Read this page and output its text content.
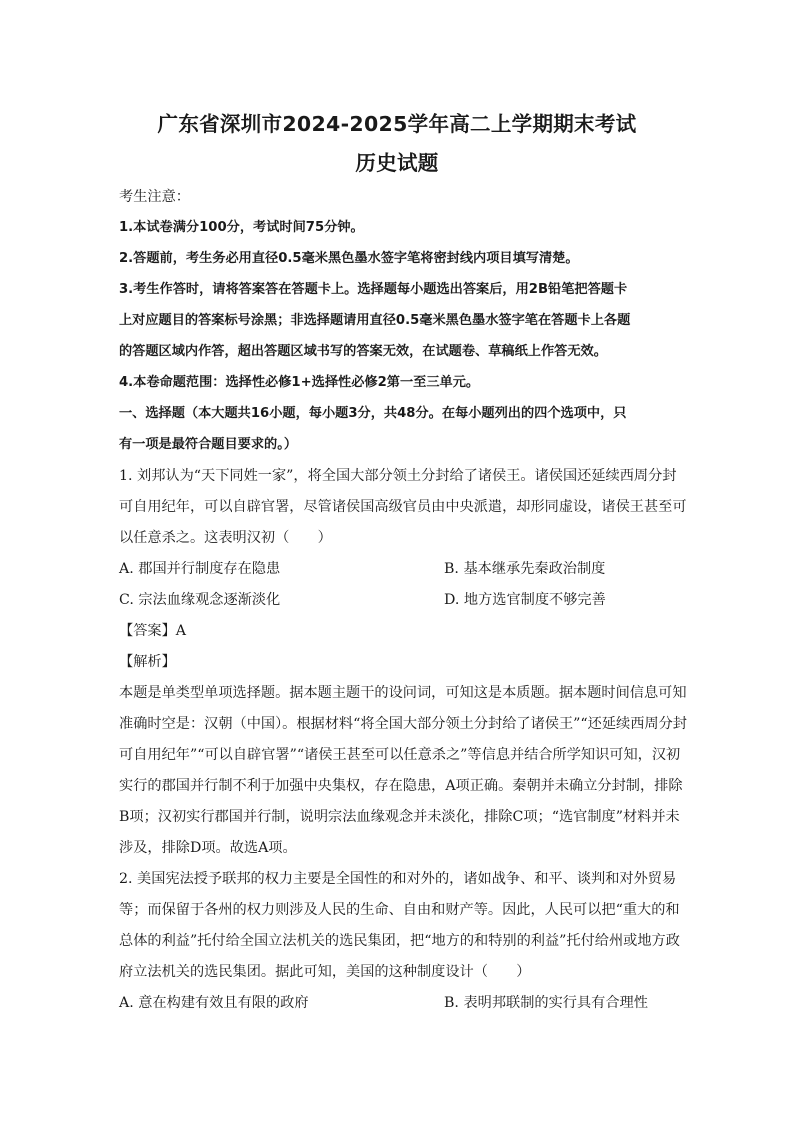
广东省深圳市2024-2025学年高二上学期期末考试
历史试题
考生注意：
1.本试卷满分100分，考试时间75分钟。
2.答题前，考生务必用直径0.5毫米黑色墨水签字笔将密封线内项目填写清楚。
3.考生作答时，请将答案答在答题卡上。选择题每小题选出答案后，用2B铅笔把答题卡
上对应题目的答案标号涂黑；非选择题请用直径0.5毫米黑色墨水签字笔在答题卡上各题
的答题区域内作答，超出答题区域书写的答案无效，在试题卷、草稿纸上作答无效。
4.本卷命题范围：选择性必修1+选择性必修2第一至三单元。
一、选择题（本大题共16小题，每小题3分，共48分。在每小题列出的四个选项中，只
有一项是最符合题目要求的。）
1. 刘邦认为“天下同姓一家”，将全国大部分领土分封给了诸侯王。诸侯国还延续西周分封
可自用纪年，可以自辟官署，尽管诸侯国高级官员由中央派遣，却形同虚设，诸侯王甚至可
以任意杀之。这表明汉初（　　）
A. 郡国并行制度存在隐患	B. 基本继承先秦政治制度
C. 宗法血缘观念逐渐淡化	D. 地方选官制度不够完善
【答案】A
【解析】
本题是单类型单项选择题。据本题主题干的设问词，可知这是本质题。据本题时间信息可知
准确时空是：汉朝（中国）。根据材料“将全国大部分领土分封给了诸侯王”“还延续西周分封
可自用纪年”“可以自辟官署”“诸侯王甚至可以任意杀之”等信息并结合所学知识可知，汉初
实行的郡国并行制不利于加强中央集权，存在隐患，A项正确。秦朝并未确立分封制，排除
B项；汉初实行郡国并行制，说明宗法血缘观念并未淡化，排除C项；“选官制度”材料并未
涉及，排除D项。故选A项。
2. 美国宪法授予联邦的权力主要是全国性的和对外的，诸如战争、和平、谈判和对外贸易
等；而保留于各州的权力则涉及人民的生命、自由和财产等。因此，人民可以把“重大的和
总体的利益”托付给全国立法机关的选民集团，把“地方的和特别的利益”托付给州或地方政
府立法机关的选民集团。据此可知，美国的这种制度设计（　　）
A. 意在构建有效且有限的政府	B. 表明邦联制的实行具有合理性
